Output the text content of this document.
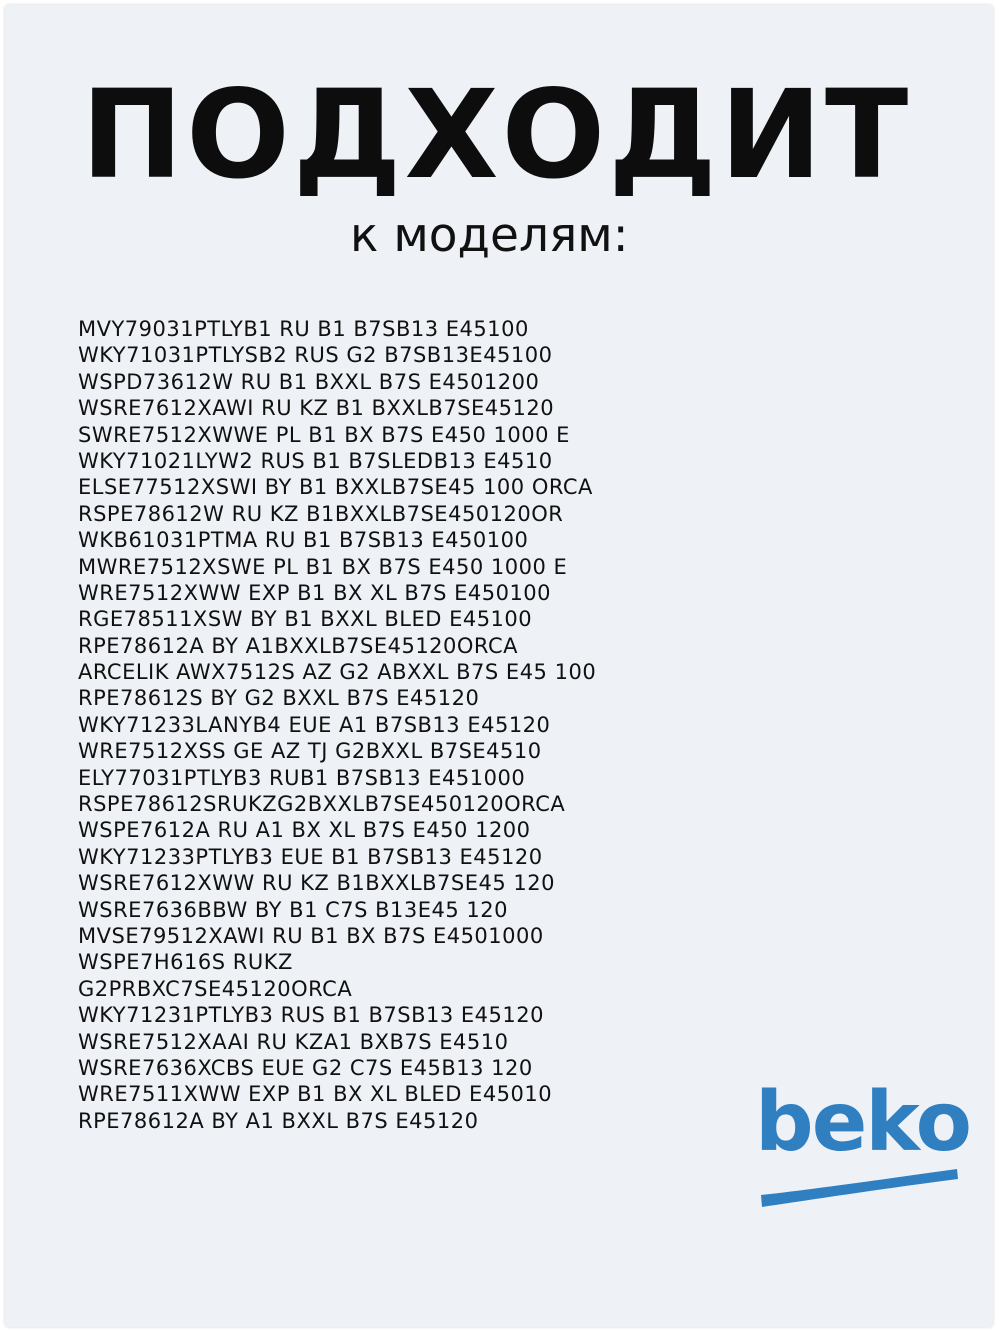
ПОДХОДИТ
к моделям:
MVY79031PTLYB1 RU B1 B7SB13 E45100
WKY71031PTLYSB2 RUS G2 B7SB13E45100
WSPD73612W RU B1 BXXL B7S E4501200
WSRE7612XAWI RU KZ B1 BXXLB7SE45120
SWRE7512XWWE PL B1 BX B7S E450 1000 E
WKY71021LYW2 RUS B1 B7SLEDB13 E4510
ELSE77512XSWI BY B1 BXXLB7SE45 100 ORCA
RSPE78612W RU KZ B1BXXLB7SE450120OR
WKB61031PTMA RU B1 B7SB13 E450100
MWRE7512XSWE PL B1 BX B7S E450 1000 E
WRE7512XWW EXP B1 BX XL B7S E450100
RGE78511XSW BY B1 BXXL BLED E45100
RPE78612A BY A1BXXLB7SE45120ORCA
ARCELIK AWX7512S AZ G2 ABXXL B7S E45 100
RPE78612S BY G2 BXXL B7S E45120
WKY71233LANYB4 EUE A1 B7SB13 E45120
WRE7512XSS GE AZ TJ G2BXXL B7SE4510
ELY77031PTLYB3 RUB1 B7SB13 E451000
RSPE78612SRUKZG2BXXLB7SE450120ORCA
WSPE7612A RU A1 BX XL B7S E450 1200
WKY71233PTLYB3 EUE B1 B7SB13 E45120
WSRE7612XWW RU KZ B1BXXLB7SE45 120
WSRE7636BBW BY B1 C7S B13E45 120
MVSE79512XAWI RU B1 BX B7S E4501000
WSPE7H616S RUKZ
G2PRBXC7SE45120ORCA
WKY71231PTLYB3 RUS B1 B7SB13 E45120
WSRE7512XAAI RU KZA1 BXB7S E4510
WSRE7636XCBS EUE G2 C7S E45B13 120
WRE7511XWW EXP B1 BX XL BLED E45010
RPE78612A BY A1 BXXL B7S E45120	beko
